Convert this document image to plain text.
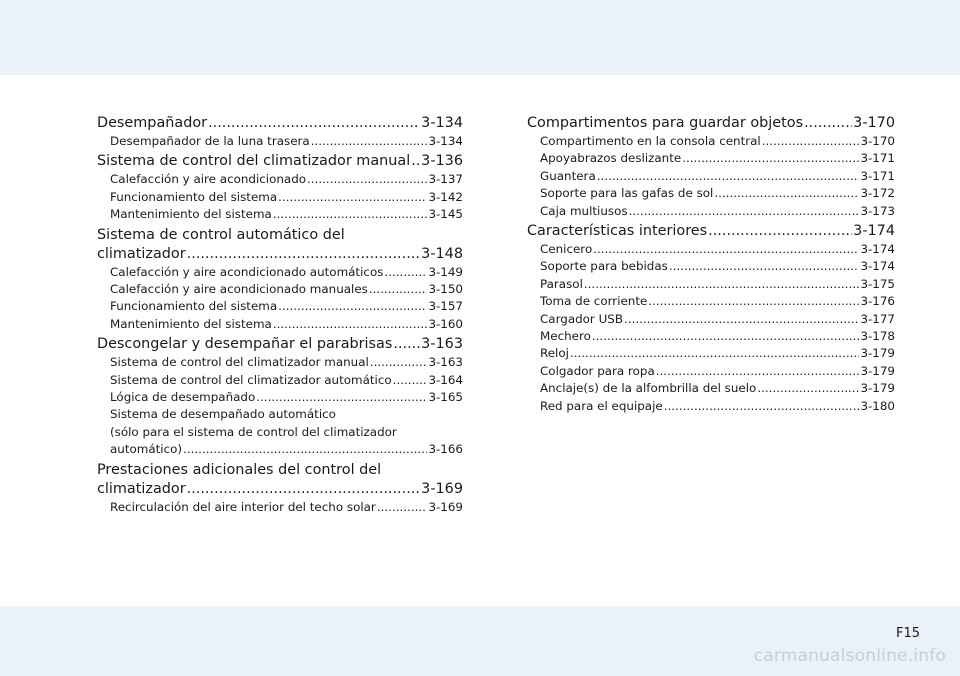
Desempañador .....	3-134
Desempañador de la luna trasera .....	3-134
Sistema de control del climatizador manual ..... 3-136
Calefacción y aire acondicionado .....	3-137
Funcionamiento del sistema .....	3-142
Mantenimiento del sistema .....	3-145
Sistema de control automático del
climatizador .....	3-148
Calefacción y aire acondicionado automáticos .....	3-149
Calefacción y aire acondicionado manuales .....	3-150
Funcionamiento del sistema .....	3-157
Mantenimiento del sistema .....	3-160
Descongelar y desempañar el parabrisas ..... 3-163
Sistema de control del climatizador manual .....	3-163
Sistema de control del climatizador automático .....	3-164
Lógica de desempañado .....	3-165
Sistema de desempañado automático
(sólo para el sistema de control del climatizador
automático) .....	3-166
Prestaciones adicionales del control del
climatizador .....	3-169
Recirculación del aire interior del techo solar .....	3-169
Compartimentos para guardar objetos .....	3-170
Compartimento en la consola central .....	3-170
Apoyabrazos deslizante .....	3-171
Guantera .....	3-171
Soporte para las gafas de sol .....	3-172
Caja multiusos .....	3-173
Características interiores .....	3-174
Cenicero .....	3-174
Soporte para bebidas .....	3-174
Parasol .....	3-175
Toma de corriente .....	3-176
Cargador USB .....	3-177
Mechero .....	3-178
Reloj .....	3-179
Colgador para ropa .....	3-179
Anclaje(s) de la alfombrilla del suelo .....	3-179
Red para el equipaje .....	3-180
F15
carmanualsonline.info
